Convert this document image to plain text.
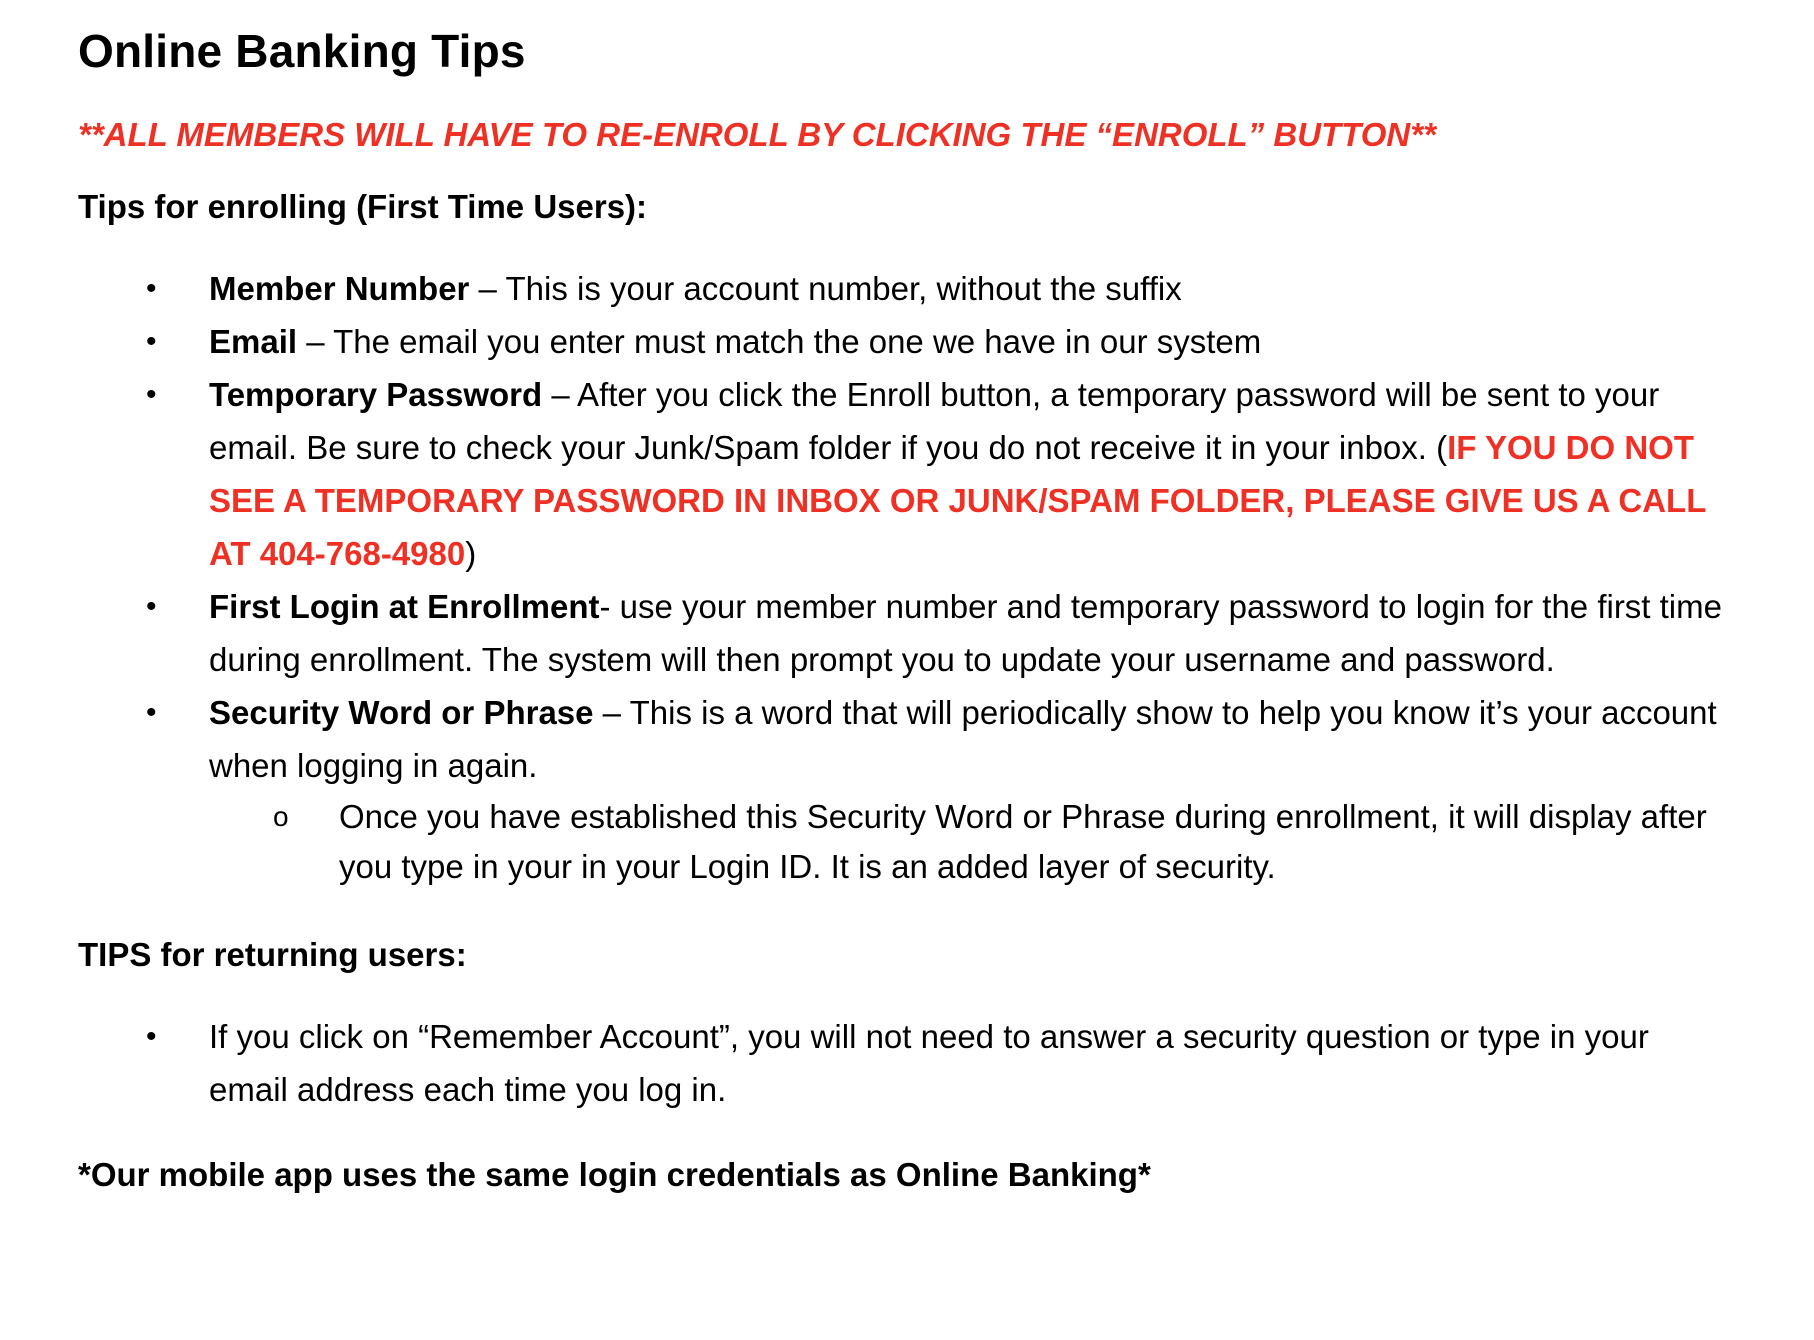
Online Banking Tips

**ALL MEMBERS WILL HAVE TO RE-ENROLL BY CLICKING THE “ENROLL” BUTTON**

Tips for enrolling (First Time Users):

• Member Number – This is your account number, without the suffix
• Email – The email you enter must match the one we have in our system
• Temporary Password – After you click the Enroll button, a temporary password will be sent to your email. Be sure to check your Junk/Spam folder if you do not receive it in your inbox. (IF YOU DO NOT SEE A TEMPORARY PASSWORD IN INBOX OR JUNK/SPAM FOLDER, PLEASE GIVE US A CALL AT 404-768-4980)
• First Login at Enrollment- use your member number and temporary password to login for the first time during enrollment. The system will then prompt you to update your username and password.
• Security Word or Phrase – This is a word that will periodically show to help you know it’s your account when logging in again.
o Once you have established this Security Word or Phrase during enrollment, it will display after you type in your in your Login ID. It is an added layer of security.

TIPS for returning users:

• If you click on “Remember Account”, you will not need to answer a security question or type in your email address each time you log in.

*Our mobile app uses the same login credentials as Online Banking*
